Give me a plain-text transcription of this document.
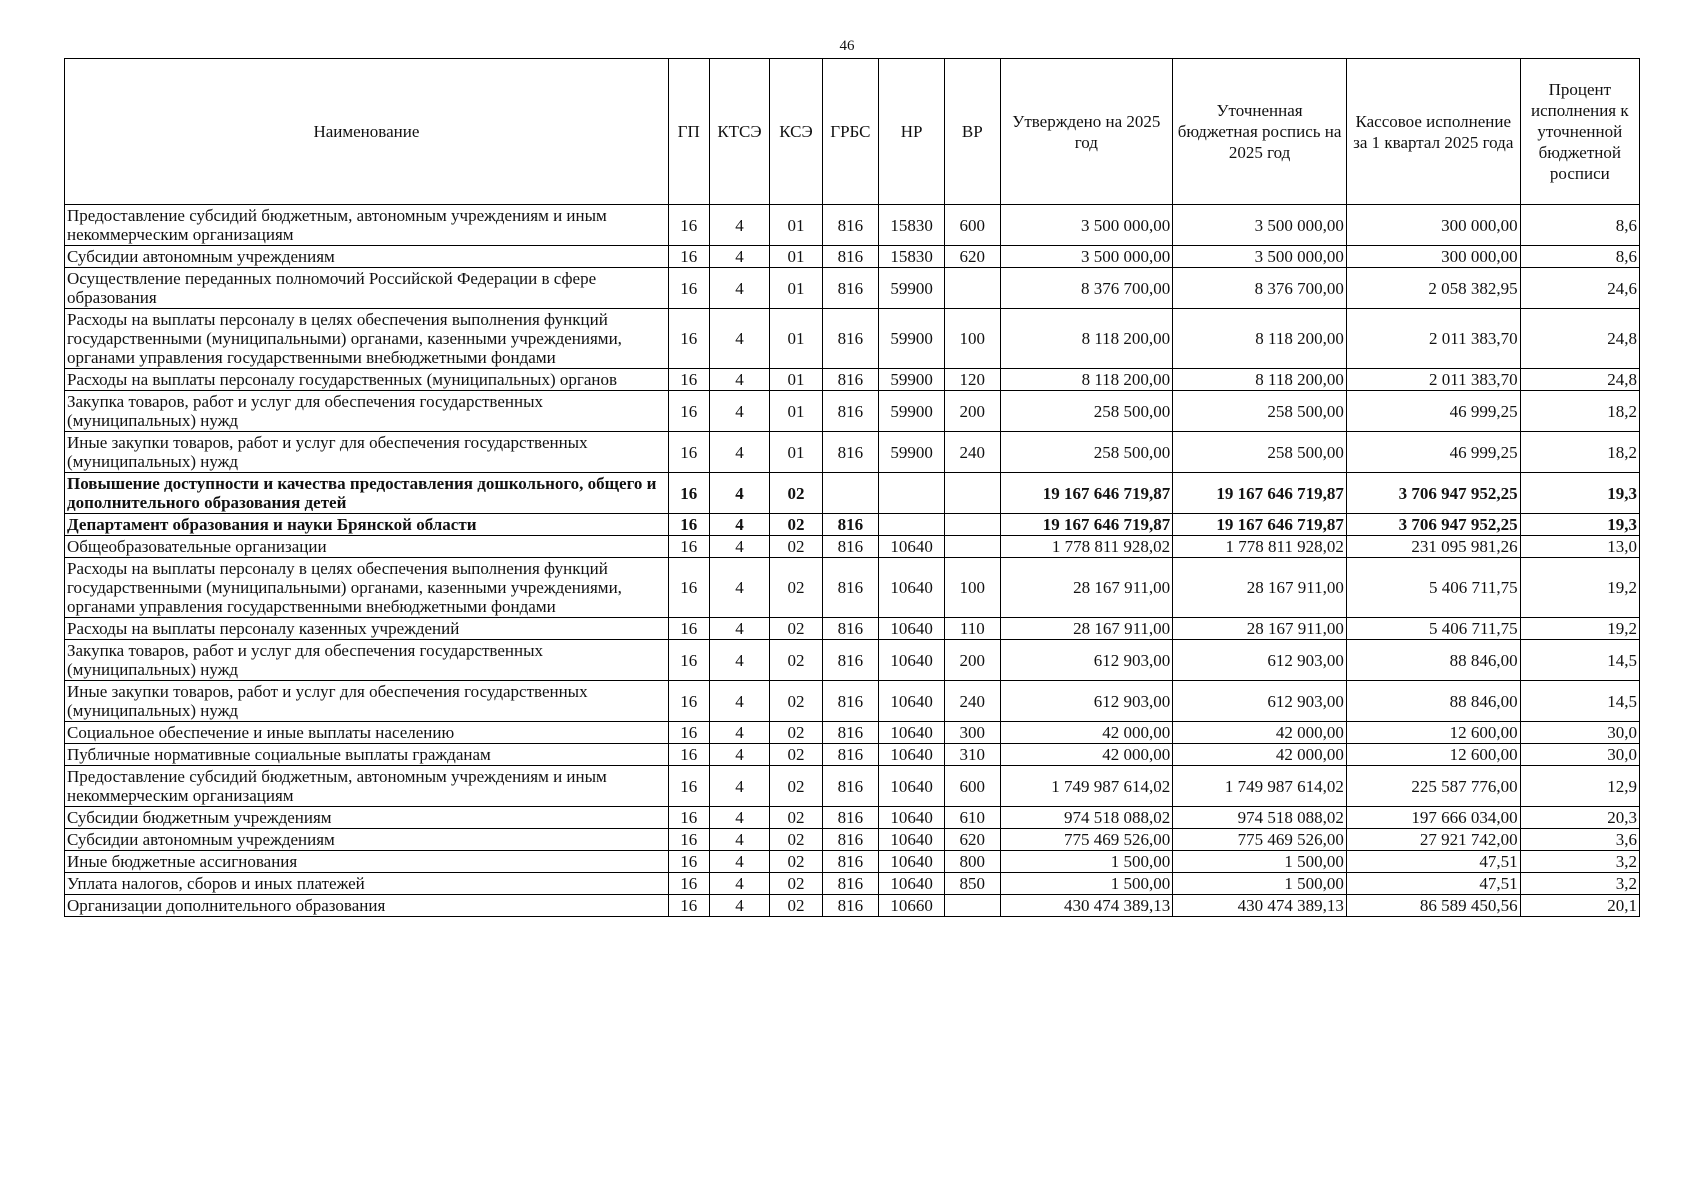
46
Наименование	ГП	КТСЭ	КСЭ	ГРБС	НР	ВР	Утверждено на 2025 год	Уточненная бюджетная роспись на 2025 год	Кассовое исполнение за 1 квартал 2025 года	Процент исполнения к уточненной бюджетной росписи
Предоставление субсидий бюджетным, автономным учреждениям и иным некоммерческим организациям	16	4	01	816	15830	600	3 500 000,00	3 500 000,00	300 000,00	8,6
Субсидии автономным учреждениям	16	4	01	816	15830	620	3 500 000,00	3 500 000,00	300 000,00	8,6
Осуществление переданных полномочий Российской Федерации в сфере образования	16	4	01	816	59900		8 376 700,00	8 376 700,00	2 058 382,95	24,6
Расходы на выплаты персоналу в целях обеспечения выполнения функций государственными (муниципальными) органами, казенными учреждениями, органами управления государственными внебюджетными фондами	16	4	01	816	59900	100	8 118 200,00	8 118 200,00	2 011 383,70	24,8
Расходы на выплаты персоналу государственных (муниципальных) органов	16	4	01	816	59900	120	8 118 200,00	8 118 200,00	2 011 383,70	24,8
Закупка товаров, работ и услуг для обеспечения государственных (муниципальных) нужд	16	4	01	816	59900	200	258 500,00	258 500,00	46 999,25	18,2
Иные закупки товаров, работ и услуг для обеспечения государственных (муниципальных) нужд	16	4	01	816	59900	240	258 500,00	258 500,00	46 999,25	18,2
Повышение доступности и качества предоставления дошкольного, общего и дополнительного образования детей	16	4	02				19 167 646 719,87	19 167 646 719,87	3 706 947 952,25	19,3
Департамент образования и науки Брянской области	16	4	02	816			19 167 646 719,87	19 167 646 719,87	3 706 947 952,25	19,3
Общеобразовательные организации	16	4	02	816	10640		1 778 811 928,02	1 778 811 928,02	231 095 981,26	13,0
Расходы на выплаты персоналу в целях обеспечения выполнения функций государственными (муниципальными) органами, казенными учреждениями, органами управления государственными внебюджетными фондами	16	4	02	816	10640	100	28 167 911,00	28 167 911,00	5 406 711,75	19,2
Расходы на выплаты персоналу казенных учреждений	16	4	02	816	10640	110	28 167 911,00	28 167 911,00	5 406 711,75	19,2
Закупка товаров, работ и услуг для обеспечения государственных (муниципальных) нужд	16	4	02	816	10640	200	612 903,00	612 903,00	88 846,00	14,5
Иные закупки товаров, работ и услуг для обеспечения государственных (муниципальных) нужд	16	4	02	816	10640	240	612 903,00	612 903,00	88 846,00	14,5
Социальное обеспечение и иные выплаты населению	16	4	02	816	10640	300	42 000,00	42 000,00	12 600,00	30,0
Публичные нормативные социальные выплаты гражданам	16	4	02	816	10640	310	42 000,00	42 000,00	12 600,00	30,0
Предоставление субсидий бюджетным, автономным учреждениям и иным некоммерческим организациям	16	4	02	816	10640	600	1 749 987 614,02	1 749 987 614,02	225 587 776,00	12,9
Субсидии бюджетным учреждениям	16	4	02	816	10640	610	974 518 088,02	974 518 088,02	197 666 034,00	20,3
Субсидии автономным учреждениям	16	4	02	816	10640	620	775 469 526,00	775 469 526,00	27 921 742,00	3,6
Иные бюджетные ассигнования	16	4	02	816	10640	800	1 500,00	1 500,00	47,51	3,2
Уплата налогов, сборов и иных платежей	16	4	02	816	10640	850	1 500,00	1 500,00	47,51	3,2
Организации дополнительного образования	16	4	02	816	10660		430 474 389,13	430 474 389,13	86 589 450,56	20,1
